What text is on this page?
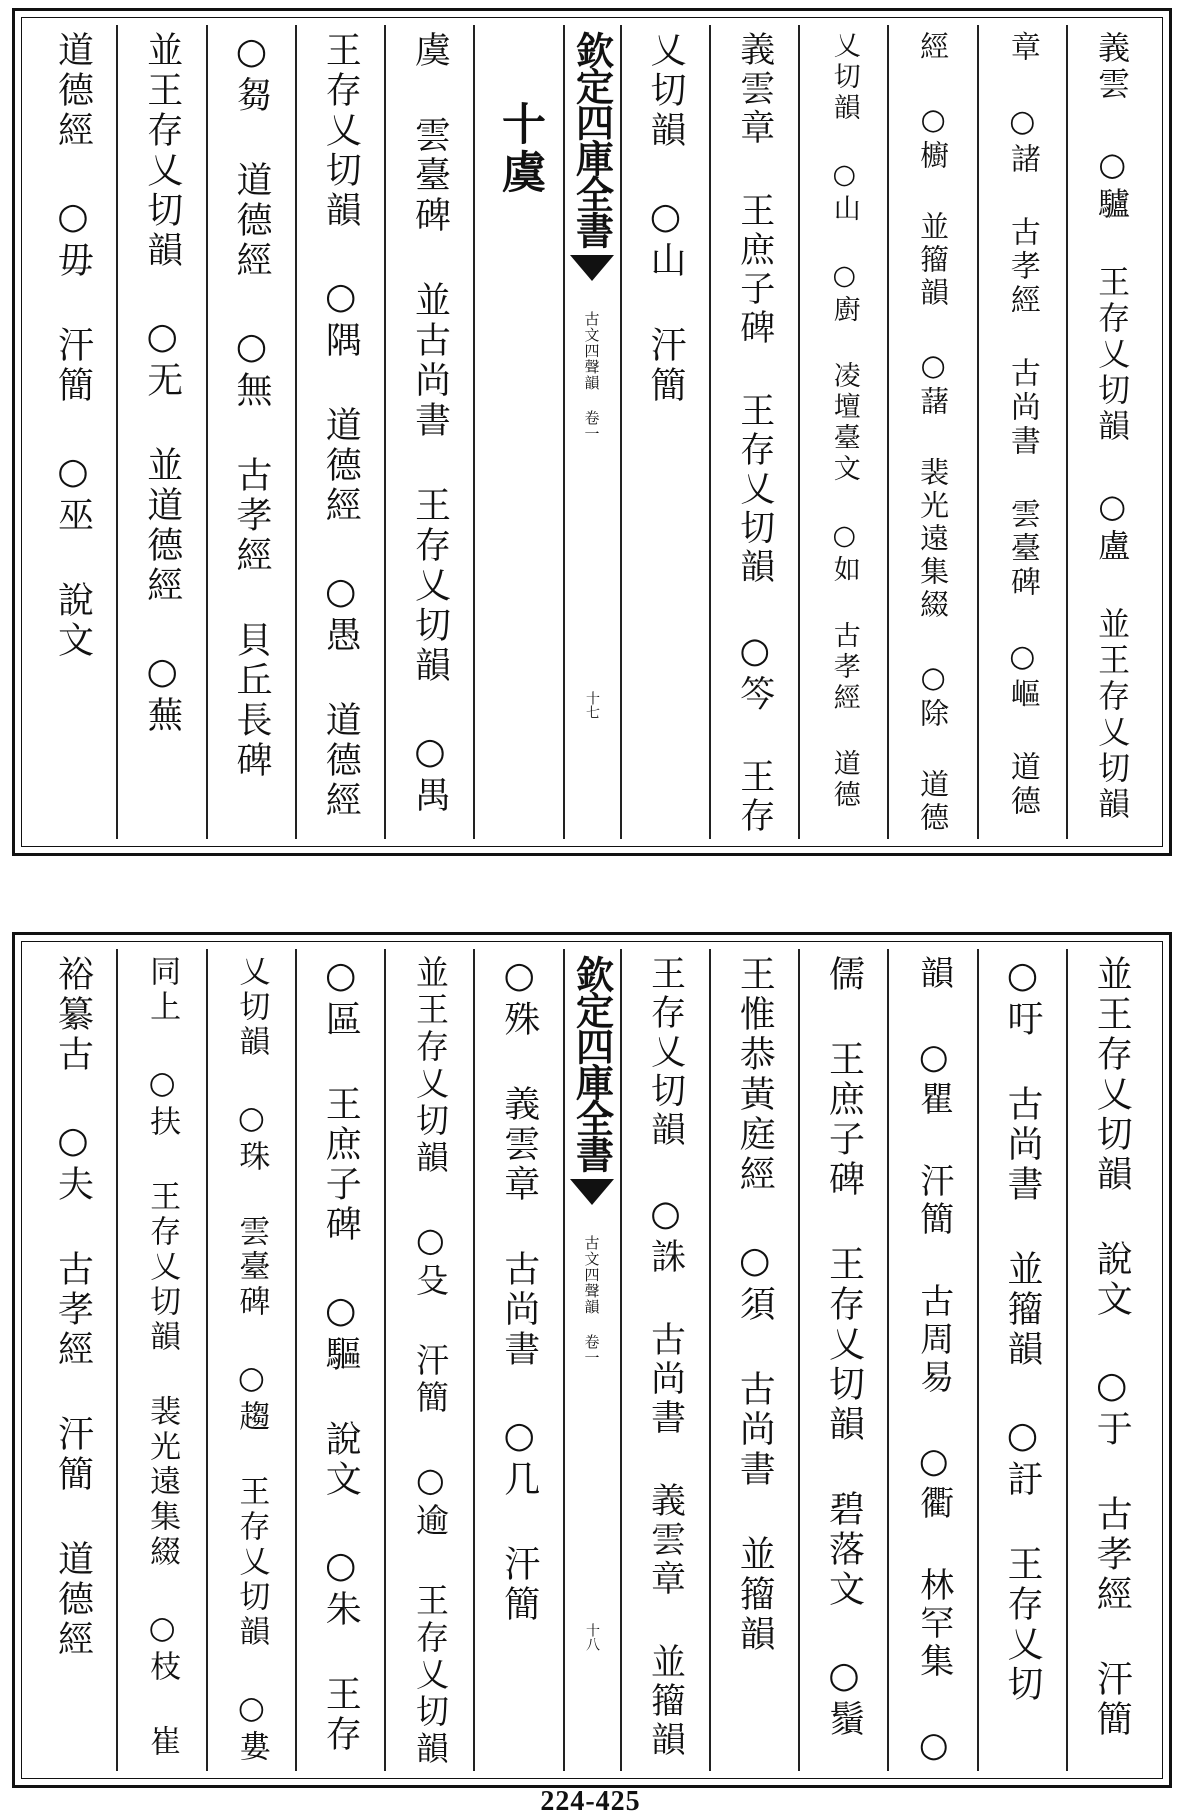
義雲 ○驢 王存乂切韻 ○盧 並王存乂切韻
章 ○諸 古孝經 古尚書 雲臺碑 ○嶇 道德
經 ○櫥 並籀韻 ○藷 裴光遠集綴 ○除 道德
乂切韻 ○山 ○廚 凌壇臺文 ○如 古孝經 道德
義雲章 王庶子碑 王存乂切韻 ○笒 王存
乂切韻 ○山 汗簡
欽定四庫全書
古文四聲韻 卷一
十七
十虞
虞 雲臺碑 並古尚書 王存乂切韻 ○禺
王存乂切韻 ○隅 道德經 ○愚 道德經
○芻 道德經 ○無 古孝經 貝丘長碑
並王存乂切韻 ○无 並道德經 ○蕪
道德經 ○毋 汗簡 ○巫 說文
並王存乂切韻 說文 ○于 古孝經 汗簡
○吁 古尚書 並籀韻 ○訏 王存乂切
韻 ○瞿 汗簡 古周易 ○衢 林罕集 ○
儒 王庶子碑 王存乂切韻 碧落文 ○鬚
王惟恭黃庭經 ○須 古尚書 並籀韻
王存乂切韻 ○誅 古尚書 義雲章 並籀韻
欽定四庫全書
古文四聲韻 卷一
十八
○殊 義雲章 古尚書 ○几 汗簡
並王存乂切韻 ○殳 汗簡 ○逾 王存乂切韻
○區 王庶子碑 ○驅 說文 ○朱 王存
乂切韻 ○珠 雲臺碑 ○趨 王存乂切韻 ○婁
同上 ○扶 王存乂切韻 裴光遠集綴 ○枝 崔
裕纂古 ○夫 古孝經 汗簡 道德經
224-425
